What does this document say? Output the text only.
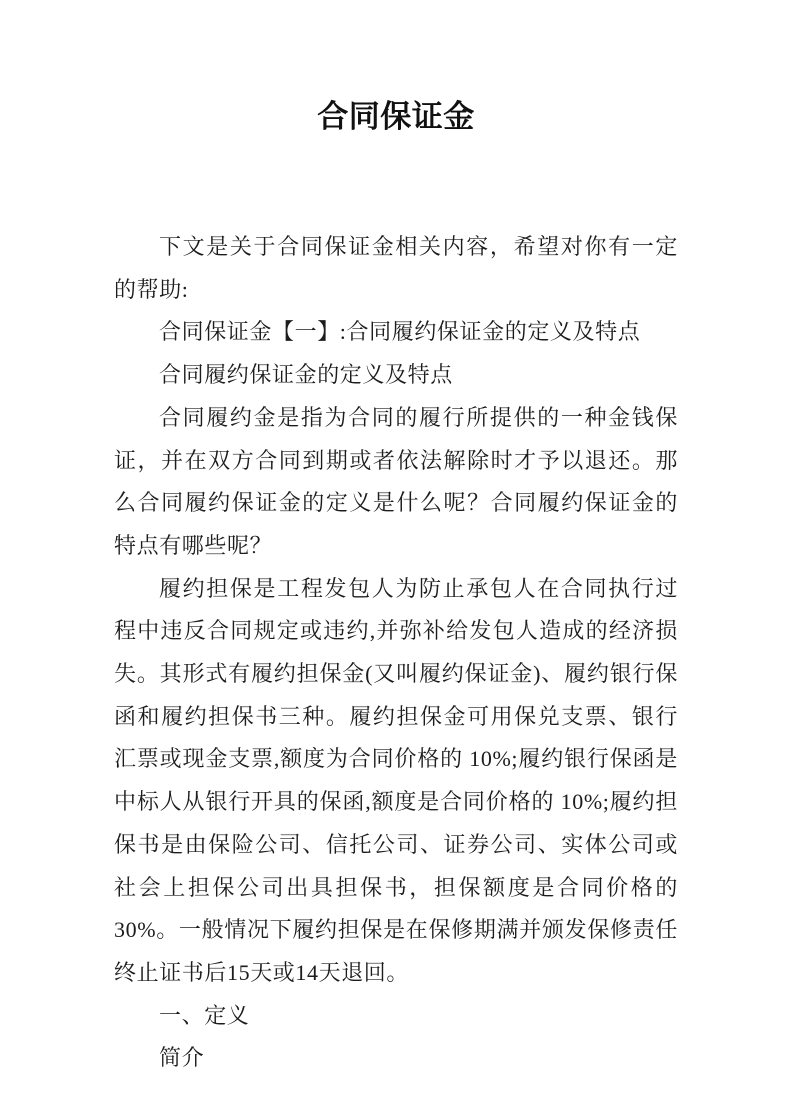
合同保证金

下文是关于合同保证金相关内容，希望对你有一定的帮助:

合同保证金【一】:合同履约保证金的定义及特点

合同履约保证金的定义及特点

合同履约金是指为合同的履行所提供的一种金钱保证，并在双方合同到期或者依法解除时才予以退还。那么合同履约保证金的定义是什么呢？合同履约保证金的特点有哪些呢？

履约担保是工程发包人为防止承包人在合同执行过程中违反合同规定或违约,并弥补给发包人造成的经济损失。其形式有履约担保金(又叫履约保证金)、履约银行保函和履约担保书三种。履约担保金可用保兑支票、银行汇票或现金支票,额度为合同价格的 10%;履约银行保函是中标人从银行开具的保函,额度是合同价格的 10%;履约担保书是由保险公司、信托公司、证券公司、实体公司或社会上担保公司出具担保书，担保额度是合同价格的 30%。一般情况下履约担保是在保修期满并颁发保修责任终止证书后15天或14天退回。

一、定义

简介
